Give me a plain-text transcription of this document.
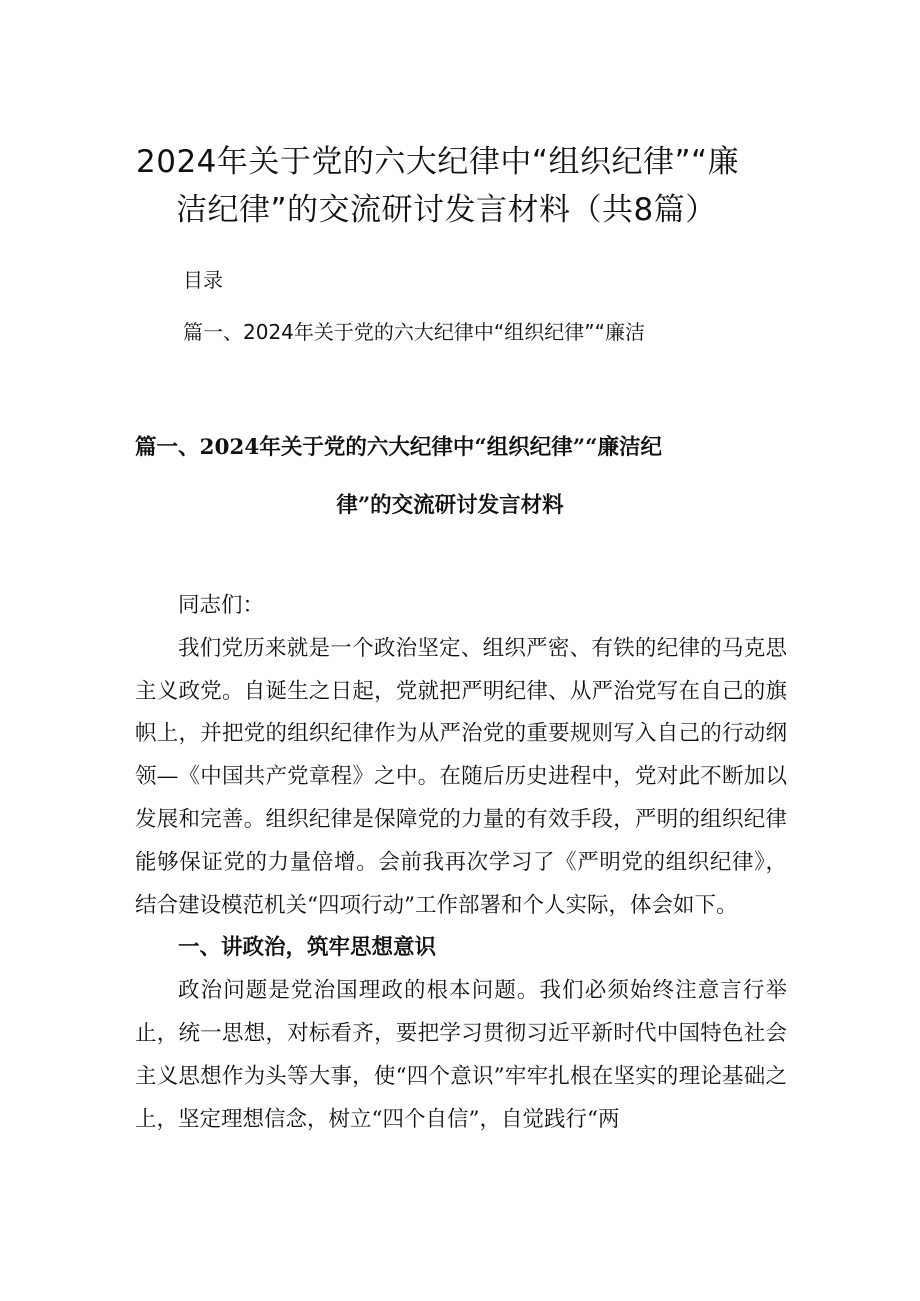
2024年关于党的六大纪律中“组织纪律”“廉
洁纪律”的交流研讨发言材料（共8篇）
目录
篇一、2024年关于党的六大纪律中“组织纪律”“廉洁
篇一、2024年关于党的六大纪律中“组织纪律”“廉洁纪
律”的交流研讨发言材料

同志们：

我们党历来就是一个政治坚定、组织严密、有铁的纪律的马克思主义政党。自诞生之日起，党就把严明纪律、从严治党写在自己的旗帜上，并把党的组织纪律作为从严治党的重要规则写入自己的行动纲领—《中国共产党章程》之中。在随后历史进程中，党对此不断加以发展和完善。组织纪律是保障党的力量的有效手段，严明的组织纪律能够保证党的力量倍增。会前我再次学习了《严明党的组织纪律》，结合建设模范机关“四项行动”工作部署和个人实际，体会如下。

一、讲政治，筑牢思想意识

政治问题是党治国理政的根本问题。我们必须始终注意言行举止，统一思想，对标看齐，要把学习贯彻习近平新时代中国特色社会主义思想作为头等大事，使“四个意识”牢牢扎根在坚实的理论基础之上，坚定理想信念，树立“四个自信”，自觉践行“两
